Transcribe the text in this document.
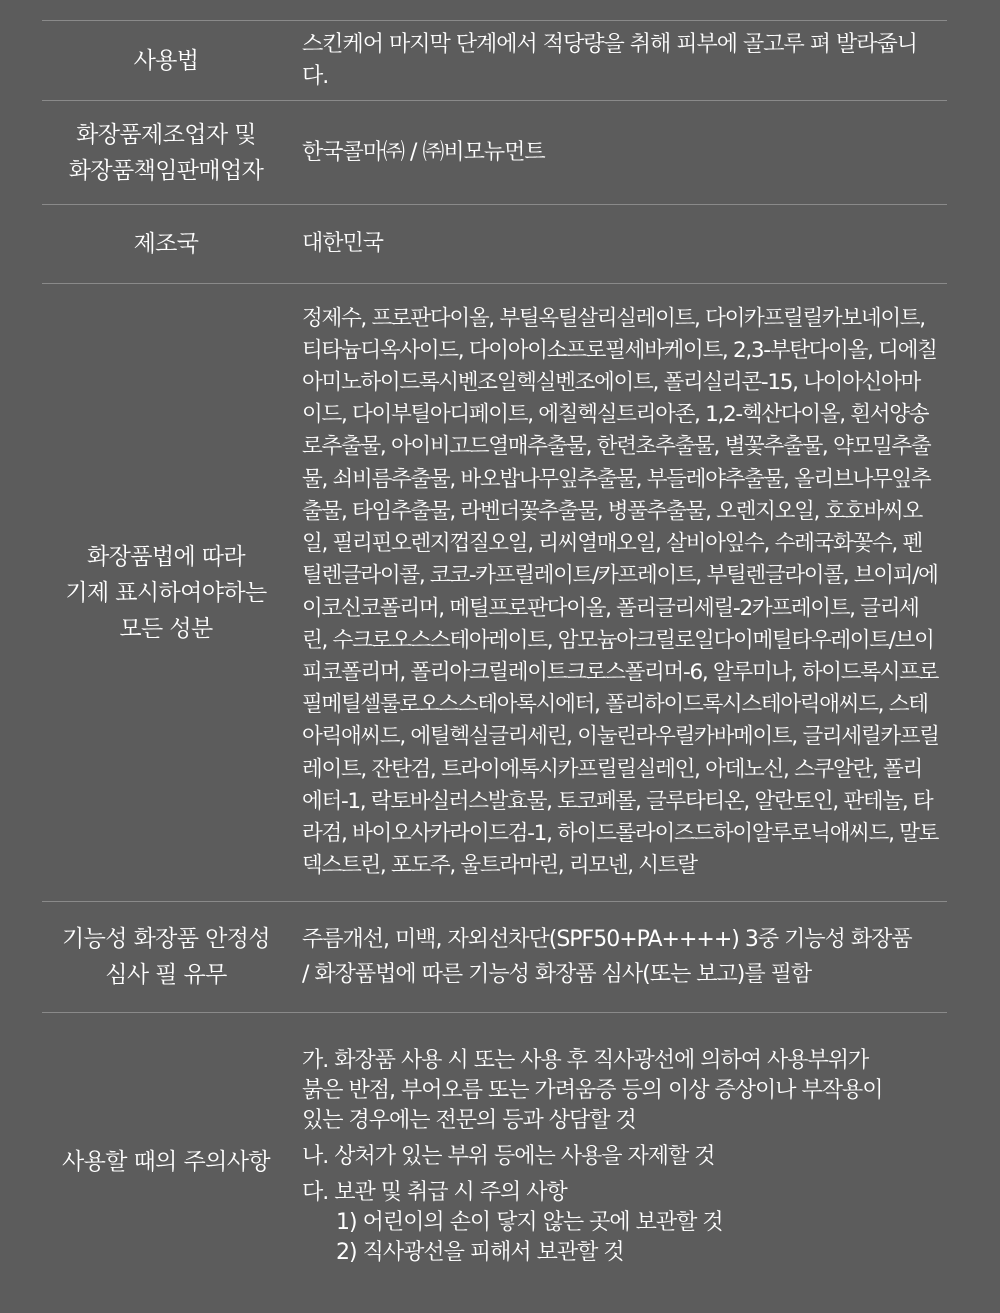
사용법
스킨케어 마지막 단계에서 적당량을 취해 피부에 골고루 펴 발라줍니다.
화장품제조업자 및
화장품책임판매업자
한국콜마㈜ / ㈜비모뉴먼트
제조국	대한민국
화장품법에 따라
기제 표시하여야하는
모든 성분
정제수, 프로판다이올, 부틸옥틸살리실레이트, 다이카프릴릴카보네이트, 티타늄디옥사이드, 다이아이소프로필세바케이트, 2,3-부탄다이올, 디에칠아미노하이드록시벤조일헥실벤조에이트, 폴리실리콘-15, 나이아신아마이드, 다이부틸아디페이트, 에칠헥실트리아존, 1,2-헥산다이올, 흰서양송로추출물, 아이비고드열매추출물, 한련초추출물, 별꽃추출물, 약모밀추출물, 쇠비름추출물, 바오밥나무잎추출물, 부들레야추출물, 올리브나무잎추출물, 타임추출물, 라벤더꽃추출물, 병풀추출물, 오렌지오일, 호호바씨오일, 필리핀오렌지껍질오일, 리씨열매오일, 살비아잎수, 수레국화꽃수, 펜틸렌글라이콜, 코코-카프릴레이트/카프레이트, 부틸렌글라이콜, 브이피/에이코신코폴리머, 메틸프로판다이올, 폴리글리세릴-2카프레이트, 글리세린, 수크로오스스테아레이트, 암모늄아크릴로일다이메틸타우레이트/브이피코폴리머, 폴리아크릴레이트크로스폴리머-6, 알루미나, 하이드록시프로필메틸셀룰로오스스테아록시에터, 폴리하이드록시스테아릭애씨드, 스테아릭애씨드, 에틸헥실글리세린, 이눌린라우릴카바메이트, 글리세릴카프릴레이트, 잔탄검, 트라이에톡시카프릴릴실레인, 아데노신, 스쿠알란, 폴리에터-1, 락토바실러스발효물, 토코페롤, 글루타티온, 알란토인, 판테놀, 타라검, 바이오사카라이드검-1, 하이드롤라이즈드하이알루로닉애씨드, 말토덱스트린, 포도주, 울트라마린, 리모넨, 시트랄
기능성 화장품 안정성
심사 필 유무
주름개선, 미백, 자외선차단(SPF50+PA++++) 3중 기능성 화장품
/ 화장품법에 따른 기능성 화장품 심사(또는 보고)를 필함
사용할 때의 주의사항

가. 화장품 사용 시 또는 사용 후 직사광선에 의하여 사용부위가
붉은 반점, 부어오름 또는 가려움증 등의 이상 증상이나 부작용이
있는 경우에는 전문의 등과 상담할 것

나. 상처가 있는 부위 등에는 사용을 자제할 것

다. 보관 및 취급 시 주의 사항
1) 어린이의 손이 닿지 않는 곳에 보관할 것
2) 직사광선을 피해서 보관할 것
